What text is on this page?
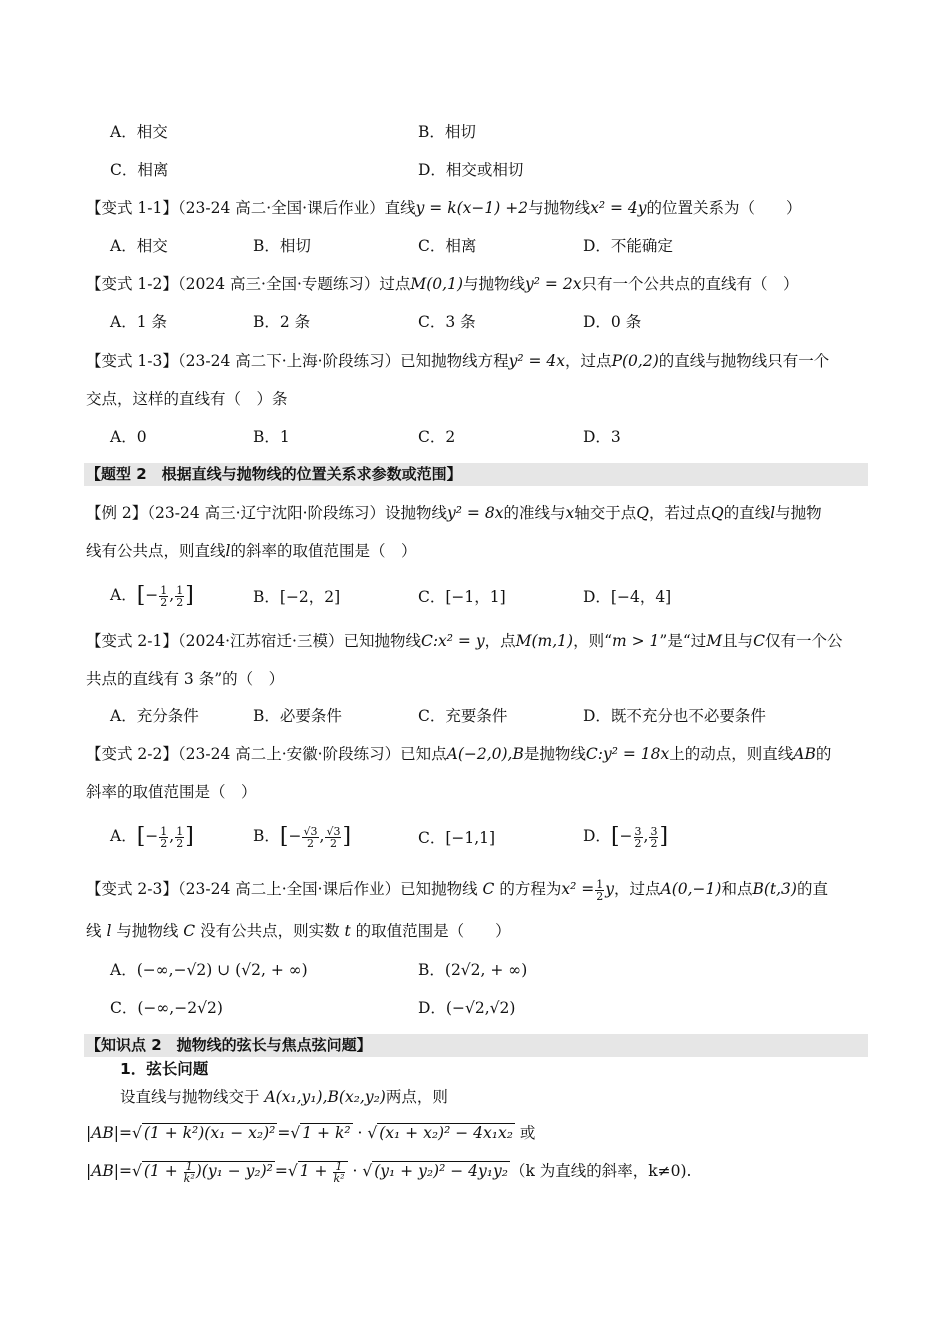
A．相交	B．相切
C．相离	D．相交或相切
【变式 1-1】（23-24 高二·全国·课后作业）直线y = k(x−1) +2与抛物线x² = 4y的位置关系为（　　）
A．相交	B．相切	C．相离	D．不能确定
【变式 1-2】（2024 高三·全国·专题练习）过点M(0,1)与抛物线y² = 2x只有一个公共点的直线有（　）
A．1 条	B．2 条	C．3 条	D．0 条
【变式 1-3】（23-24 高二下·上海·阶段练习）已知抛物线方程y² = 4x，过点P(0,2)的直线与抛物线只有一个
交点，这样的直线有（　）条
A．0	B．1	C．2	D．3
【题型 2　根据直线与抛物线的位置关系求参数或范围】
【例 2】（23-24 高三·辽宁沈阳·阶段练习）设抛物线y² = 8x的准线与x轴交于点Q，若过点Q的直线l与抛物
线有公共点，则直线l的斜率的取值范围是（　）
A．[− $\frac{1}{2}$ , $\frac{1}{2}$ ]	B．[−2，2]	C．[−1，1]	D．[−4，4]
【变式 2-1】（2024·江苏宿迁·三模）已知抛物线C:x² = y，点M(m,1)，则“m > 1”是“过M且与C仅有一个公
共点的直线有 3 条”的（　）
A．充分条件	B．必要条件	C．充要条件	D．既不充分也不必要条件
【变式 2-2】（23-24 高二上·安徽·阶段练习）已知点A(−2,0),B是抛物线C:y² = 18x上的动点，则直线AB的
斜率的取值范围是（　）
A．[− $\frac{1}{2}$ , $\frac{1}{2}$ ]	B．[− $\frac{√3}{2}$ , $\frac{√3}{2}$ ]	C．[−1,1]	D．[− $\frac{3}{2}$ , $\frac{3}{2}$ ]
【变式 2-3】（23-24 高二上·全国·课后作业）已知抛物线 C 的方程为$x^2 = \frac{1}{2}$ y，过点A(0,−1)和点B(t,3)的直
线 l 与抛物线 C 没有公共点，则实数 t 的取值范围是（　　）
A．(−∞,−√2) ∪ (√2, + ∞)	B．(2√2, + ∞)
C．(−∞,−2√2)	D．(−√2,√2)
【知识点 2　抛物线的弦长与焦点弦问题】
1．弦长问题
设直线与抛物线交于 A(x₁,y₁),B(x₂,y₂)两点，则
|AB|=√ (1 + k²)(x₁ − x₂)² =√ 1 + k² · √ (x₁ + x₂)² − 4x₁x₂ 或
|AB|=√ $(1 + \frac{1}{\text{k²}} )(y_1 - y_2)^2$ =√ $1 + \frac{1}{\text{k²}}$ · √ (y₁ + y₂)² − 4y₁y₂ （k 为直线的斜率，k≠0).
